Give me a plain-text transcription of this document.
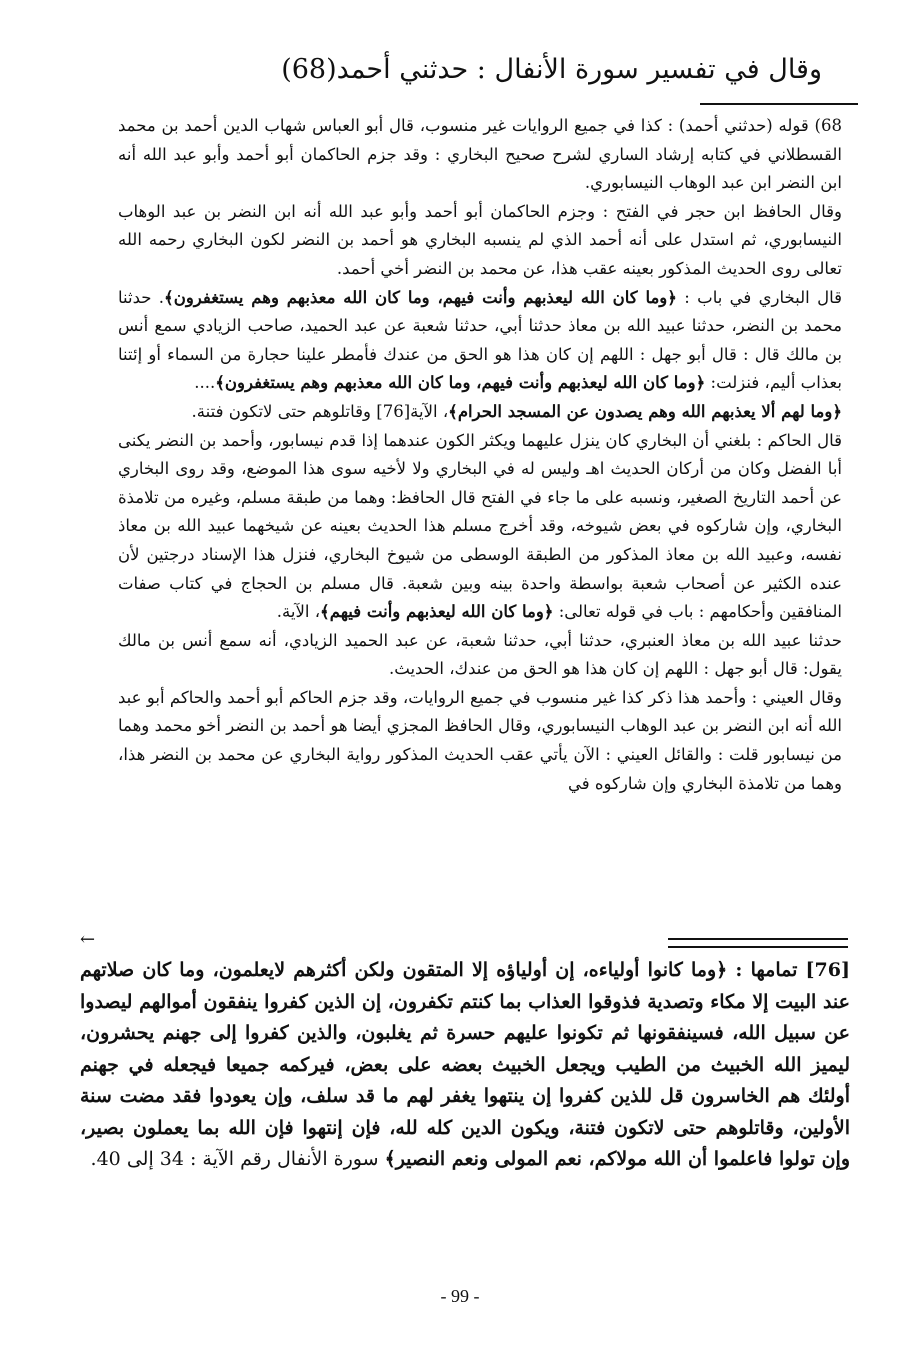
وقال في تفسير سورة الأنفال : حدثني أحمد(68)

68) قوله (حدثني أحمد) : كذا في جميع الروايات غير منسوب، قال أبو العباس شهاب الدين أحمد بن محمد القسطلاني في كتابه إرشاد الساري لشرح صحيح البخاري : وقد جزم الحاكمان أبو أحمد وأبو عبد الله أنه ابن النضر ابن عبد الوهاب النيسابوري.

وقال الحافظ ابن حجر في الفتح : وجزم الحاكمان أبو أحمد وأبو عبد الله أنه ابن النضر بن عبد الوهاب النيسابوري، ثم استدل على أنه أحمد الذي لم ينسبه البخاري هو أحمد بن النضر لكون البخاري رحمه الله تعالى روى الحديث المذكور بعينه عقب هذا، عن محمد بن النضر أخي أحمد.

قال البخاري في باب : ﴿وما كان الله ليعذبهم وأنت فيهم، وما كان الله معذبهم وهم يستغفرون﴾. حدثنا محمد بن النضر، حدثنا عبيد الله بن معاذ حدثنا أبي، حدثنا شعبة عن عبد الحميد، صاحب الزيادي سمع أنس بن مالك قال : قال أبو جهل : اللهم إن كان هذا هو الحق من عندك فأمطر علينا حجارة من السماء أو إئتنا بعذاب أليم، فنزلت: ﴿وما كان الله ليعذبهم وأنت فيهم، وما كان الله معذبهم وهم يستغفرون﴾....

﴿وما لهم ألا يعذبهم الله وهم يصدون عن المسجد الحرام﴾، الآية[76] وقاتلوهم حتى لاتكون فتنة.

قال الحاكم : بلغني أن البخاري كان ينزل عليهما ويكثر الكون عندهما إذا قدم نيسابور، وأحمد بن النضر يكنى أبا الفضل وكان من أركان الحديث اهـ وليس له في البخاري ولا لأخيه سوى هذا الموضع، وقد روى البخاري عن أحمد التاريخ الصغير، ونسبه على ما جاء في الفتح قال الحافظ: وهما من طبقة مسلم، وغيره من تلامذة البخاري، وإن شاركوه في بعض شيوخه، وقد أخرج مسلم هذا الحديث بعينه عن شيخهما عبيد الله بن معاذ نفسه، وعبيد الله بن معاذ المذكور من الطبقة الوسطى من شيوخ البخاري، فنزل هذا الإسناد درجتين لأن عنده الكثير عن أصحاب شعبة بواسطة واحدة بينه وبين شعبة. قال مسلم بن الحجاج في كتاب صفات المنافقين وأحكامهم : باب في قوله تعالى: ﴿وما كان الله ليعذبهم وأنت فيهم﴾، الآية.

حدثنا عبيد الله بن معاذ العنبري، حدثنا أبي، حدثنا شعبة، عن عبد الحميد الزيادي، أنه سمع أنس بن مالك يقول: قال أبو جهل : اللهم إن كان هذا هو الحق من عندك، الحديث.

وقال العيني : وأحمد هذا ذكر كذا غير منسوب في جميع الروايات، وقد جزم الحاكم أبو أحمد والحاكم أبو عبد الله أنه ابن النضر بن عبد الوهاب النيسابوري، وقال الحافظ المجزي أيضا هو أحمد بن النضر أخو محمد وهما من نيسابور قلت : والقائل العيني : الآن يأتي عقب الحديث المذكور رواية البخاري عن محمد بن النضر هذا، وهما من تلامذة البخاري وإن شاركوه في

←

[76] تمامها : ﴿وما كانوا أولياءه، إن أولياؤه إلا المتقون ولكن أكثرهم لايعلمون، وما كان صلاتهم عند البيت إلا مكاء وتصدية فذوقوا العذاب بما كنتم تكفرون، إن الذين كفروا ينفقون أموالهم ليصدوا عن سبيل الله، فسينفقونها ثم تكونوا عليهم حسرة ثم يغلبون، والذين كفروا إلى جهنم يحشرون، ليميز الله الخبيث من الطيب ويجعل الخبيث بعضه على بعض، فيركمه جميعا فيجعله في جهنم أولئك هم الخاسرون قل للذين كفروا إن ينتهوا يغفر لهم ما قد سلف، وإن يعودوا فقد مضت سنة الأولين، وقاتلوهم حتى لاتكون فتنة، ويكون الدين كله لله، فإن إنتهوا فإن الله بما يعملون بصير، وإن تولوا فاعلموا أن الله مولاكم، نعم المولى ونعم النصير﴾ سورة الأنفال رقم الآية : 34 إلى 40.

- 99 -
